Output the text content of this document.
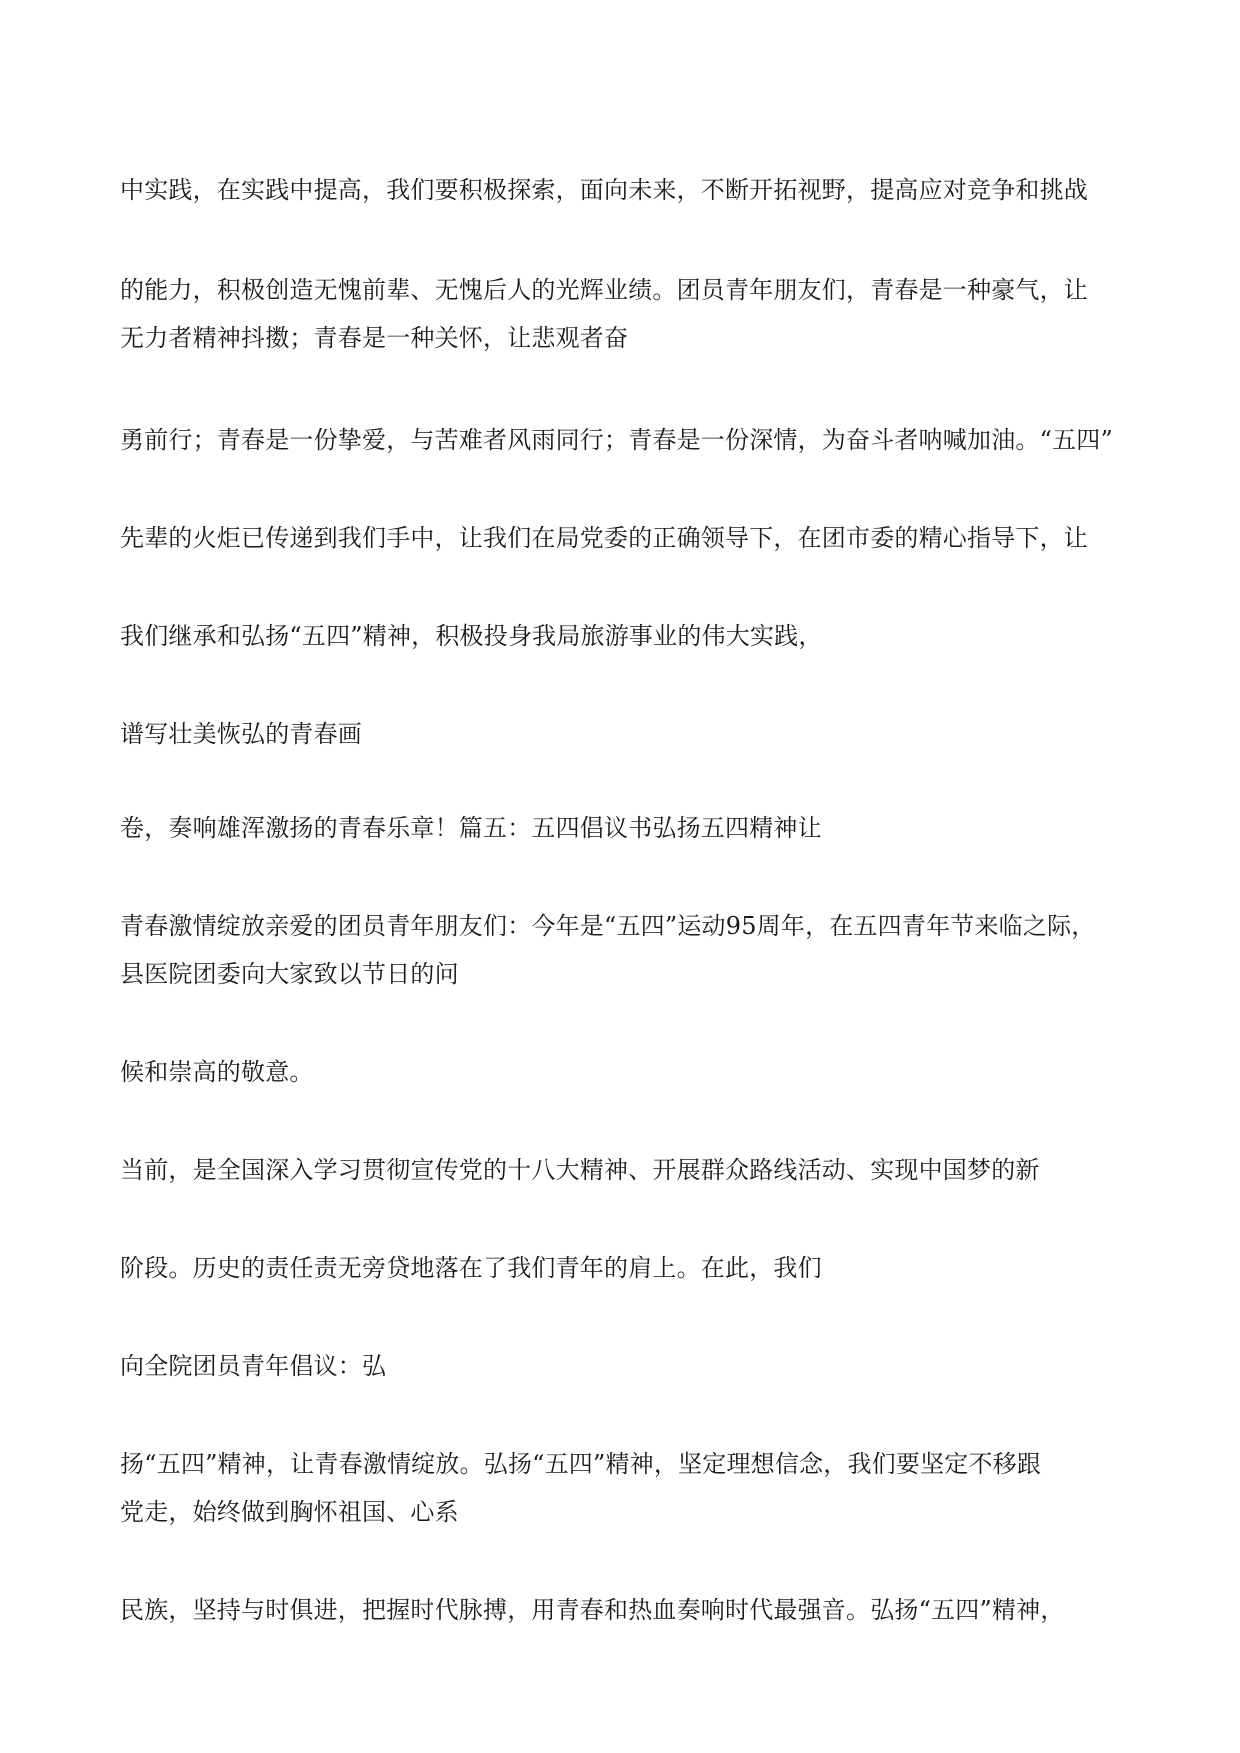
中实践，在实践中提高，我们要积极探索，面向未来，不断开拓视野，提高应对竞争和挑战
的能力，积极创造无愧前辈、无愧后人的光辉业绩。团员青年朋友们，青春是一种豪气，让
无力者精神抖擞；青春是一种关怀，让悲观者奋
勇前行；青春是一份挚爱，与苦难者风雨同行；青春是一份深情，为奋斗者呐喊加油。“五四”
先辈的火炬已传递到我们手中，让我们在局党委的正确领导下，在团市委的精心指导下，让
我们继承和弘扬“五四”精神，积极投身我局旅游事业的伟大实践，
谱写壮美恢弘的青春画
卷，奏响雄浑激扬的青春乐章！篇五：五四倡议书弘扬五四精神让
青春激情绽放亲爱的团员青年朋友们：今年是“五四”运动95周年，在五四青年节来临之际，
县医院团委向大家致以节日的问
候和崇高的敬意。
当前，是全国深入学习贯彻宣传党的十八大精神、开展群众路线活动、实现中国梦的新
阶段。历史的责任责无旁贷地落在了我们青年的肩上。在此，我们
向全院团员青年倡议：弘
扬“五四”精神，让青春激情绽放。弘扬“五四”精神，坚定理想信念，我们要坚定不移跟
党走，始终做到胸怀祖国、心系
民族，坚持与时俱进，把握时代脉搏，用青春和热血奏响时代最强音。弘扬“五四”精神，
